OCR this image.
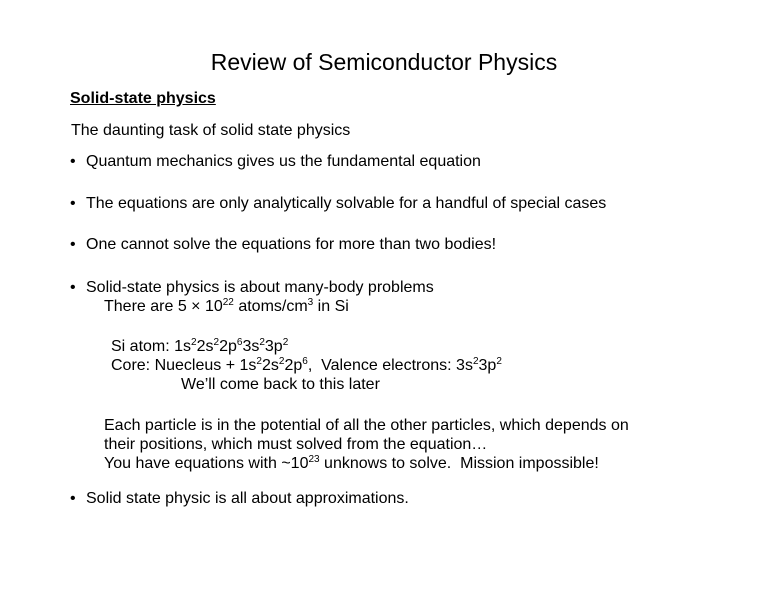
Review of Semiconductor Physics
Solid-state physics
The daunting task of solid state physics
• Quantum mechanics gives us the fundamental equation
• The equations are only analytically solvable for a handful of special cases
• One cannot solve the equations for more than two bodies!
• Solid-state physics is about many-body problems
There are $5 \times 10^{22}$ atoms/$cm^3$ in Si
Si atom: $1s^22s^22p^63s^23p^2$
Core: Nuecleus + $1s^22s^22p^6$,  Valence electrons: $3s^23p^2$
We’ll come back to this later
Each particle is in the potential of all the other particles, which depends on
their positions, which must solved from the equation…
You have equations with $\sim 10^{23}$ unknows to solve.  Mission impossible!
• Solid state physic is all about approximations.
